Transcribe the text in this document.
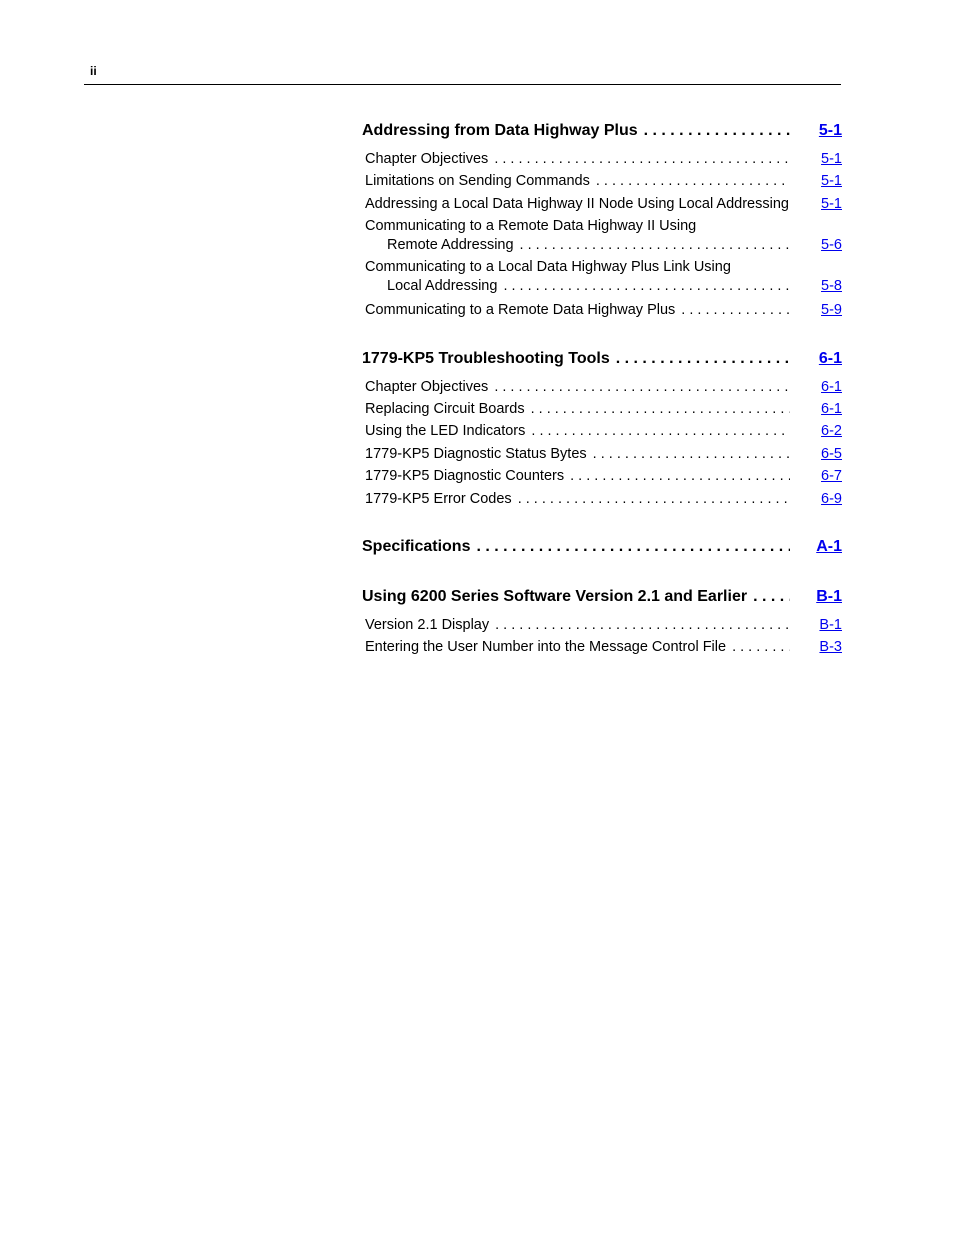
ii
Addressing from Data Highway Plus . . .	5-1
Chapter Objectives . . .	5-1
Limitations on Sending Commands . . .	5-1
Addressing a Local Data Highway II Node Using Local Addressing . . . 5-1
Communicating to a Remote Data Highway II Using
Remote Addressing . . .	5-6
Communicating to a Local Data Highway Plus Link Using
Local Addressing . . .	5-8
Communicating to a Remote Data Highway Plus . . .	5-9
1779-KP5 Troubleshooting Tools . . .	6-1
Chapter Objectives . . .	6-1
Replacing Circuit Boards . . .	6-1
Using the LED Indicators . . .	6-2
1779-KP5 Diagnostic Status Bytes . . .	6-5
1779-KP5 Diagnostic Counters . . .	6-7
1779-KP5 Error Codes . . .	6-9
Specifications . . .	A-1
Using 6200 Series Software Version 2.1 and Earlier . . .	B-1
Version 2.1 Display . . .	B-1
Entering the User Number into the Message Control File . . .	B-3
